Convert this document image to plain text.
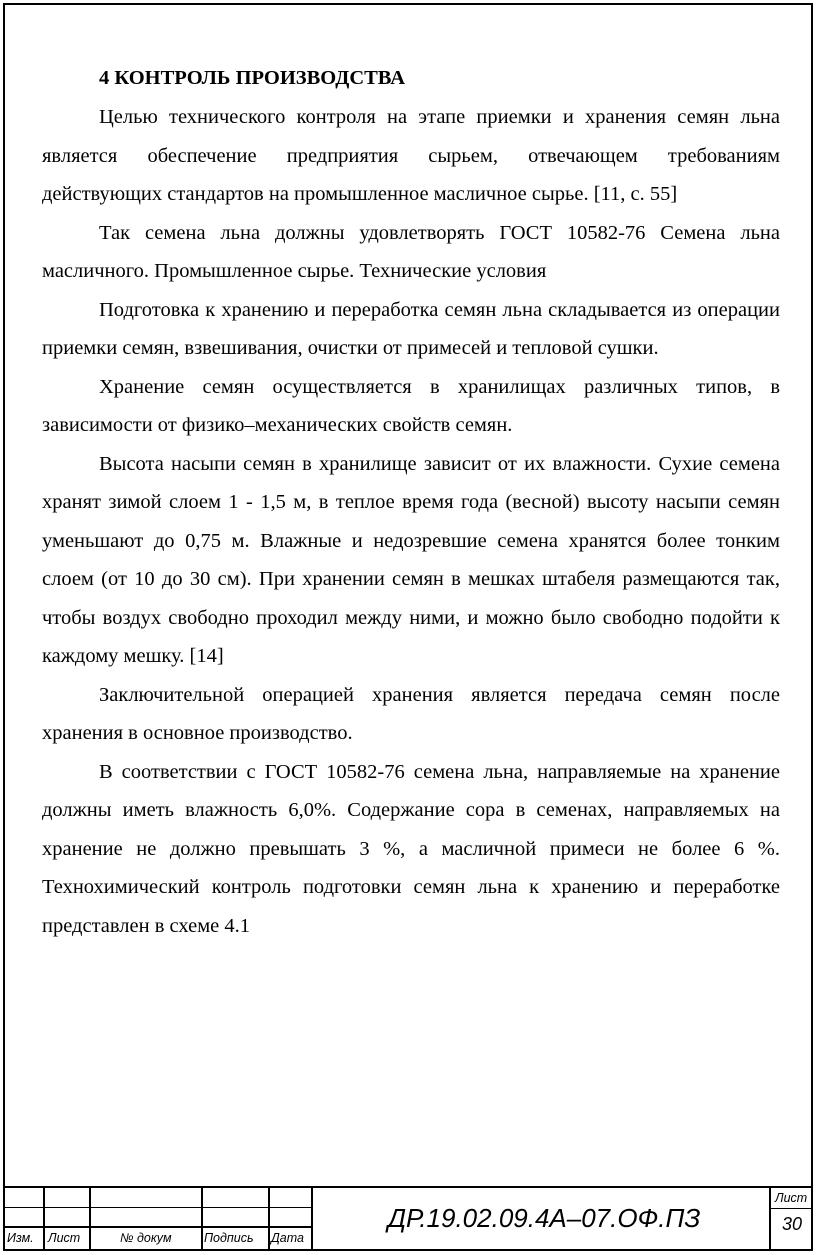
4 КОНТРОЛЬ ПРОИЗВОДСТВА

Целью технического контроля на этапе приемки и хранения семян льна является обеспечение предприятия сырьем, отвечающем требованиям действующих стандартов на промышленное масличное сырье. [11, с. 55]

Так семена льна должны удовлетворять ГОСТ 10582-76 Семена льна масличного. Промышленное сырье. Технические условия

Подготовка к хранению и переработка семян льна складывается из операции приемки семян, взвешивания, очистки от примесей и тепловой сушки.

Хранение семян осуществляется в хранилищах различных типов, в зависимости от физико–механических свойств семян.

Высота насыпи семян в хранилище зависит от их влажности. Сухие семена хранят зимой слоем 1 - 1,5 м, в теплое время года (весной) высоту насыпи семян уменьшают до 0,75 м. Влажные и недозревшие семена хранятся более тонким слоем (от 10 до 30 см). При хранении семян в мешках штабеля размещаются так, чтобы воздух свободно проходил между ними, и можно было свободно подойти к каждому мешку. [14]

Заключительной операцией хранения является передача семян после хранения в основное производство.

В соответствии с ГОСТ 10582-76 семена льна, направляемые на хранение должны иметь влажность 6,0%. Содержание сора в семенах, направляемых на хранение не должно превышать 3 %, а масличной примеси не более 6 %. Технохимический контроль подготовки семян льна к хранению и переработке представлен в схеме 4.1

Изм. Лист	№ докум	Подпись Дата
ДР.19.02.09.4А–07.ОФ.ПЗ
Лист
30
